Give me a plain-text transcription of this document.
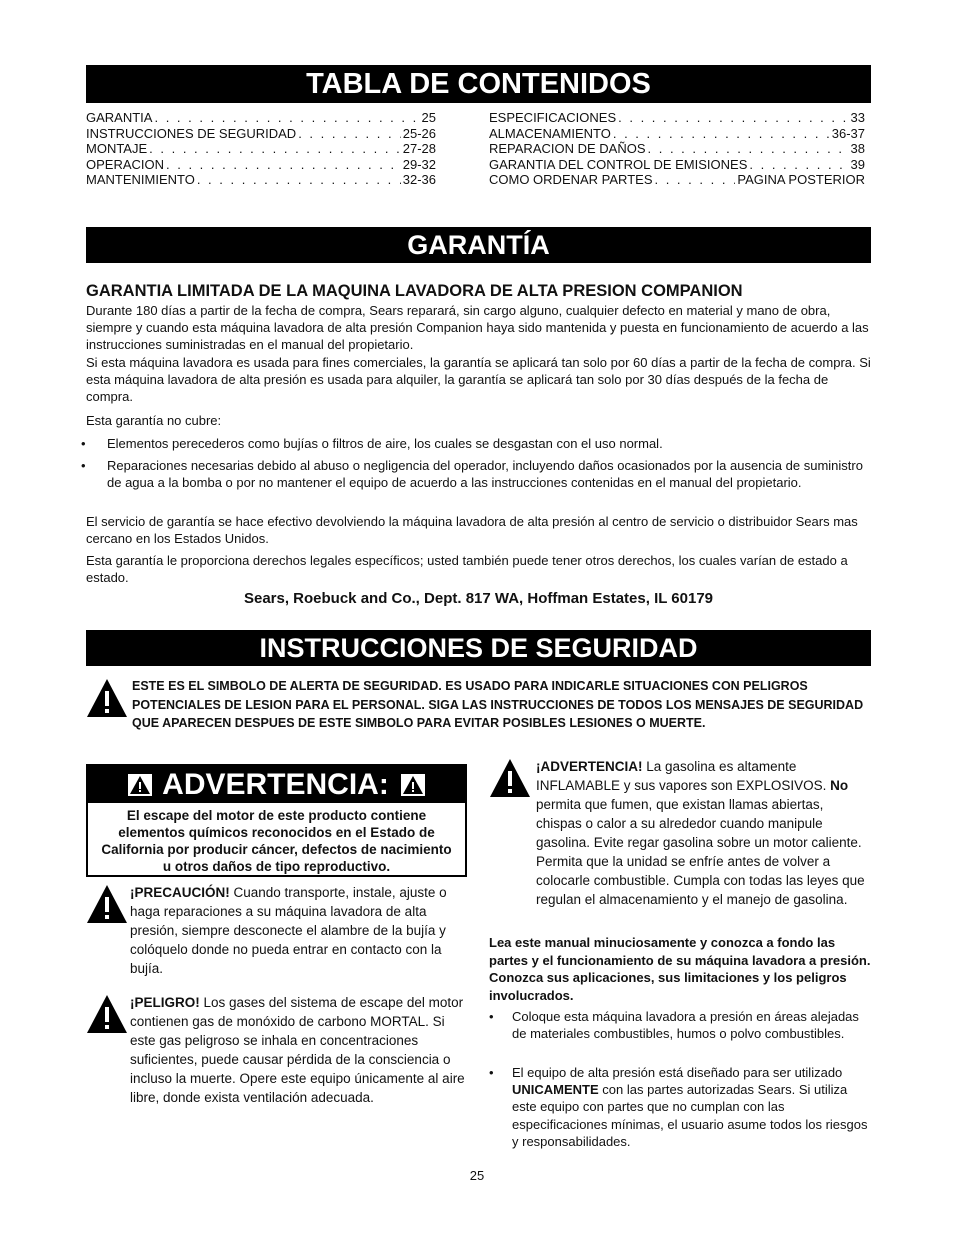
TABLA DE CONTENIDOS
GARANTIA . . .	25
INSTRUCCIONES DE SEGURIDAD . . .	25-26
MONTAJE . . .	27-28
OPERACION . . .	29-32
MANTENIMIENTO . . .	32-36
ESPECIFICACIONES . . .	33
ALMACENAMIENTO . . .	36-37
REPARACION DE DAÑOS . . .	38
GARANTIA DEL CONTROL DE EMISIONES . . .	39
COMO ORDENAR PARTES . . .	PAGINA POSTERIOR
GARANTÍA
GARANTIA LIMITADA DE LA MAQUINA LAVADORA DE ALTA PRESION COMPANION
Durante 180 días a partir de la fecha de compra, Sears reparará, sin cargo alguno, cualquier defecto en material y mano de obra, siempre y cuando esta máquina lavadora de alta presión Companion haya sido mantenida y puesta en funcionamiento de acuerdo a las instrucciones suministradas en el manual del propietario.
Si esta máquina lavadora es usada para fines comerciales, la garantía se aplicará tan solo por 60 días a partir de la fecha de compra. Si esta máquina lavadora de alta presión es usada para alquiler, la garantía se aplicará tan solo por 30 días después de la fecha de compra.
Esta garantía no cubre:
• Elementos perecederos como bujías o filtros de aire, los cuales se desgastan con el uso normal.
• Reparaciones necesarias debido al abuso o negligencia del operador, incluyendo daños ocasionados por la ausencia de suministro de agua a la bomba o por no mantener el equipo de acuerdo a las instrucciones contenidas en el manual del propietario.
El servicio de garantía se hace efectivo devolviendo la máquina lavadora de alta presión al centro de servicio o distribuidor Sears mas cercano en los Estados Unidos.
Esta garantía le proporciona derechos legales específicos; usted también puede tener otros derechos, los cuales varían de estado a estado.
Sears, Roebuck and Co., Dept. 817 WA, Hoffman Estates, IL 60179
INSTRUCCIONES DE SEGURIDAD
ESTE ES EL SIMBOLO DE ALERTA DE SEGURIDAD. ES USADO PARA INDICARLE SITUACIONES CON PELIGROS POTENCIALES DE LESION PARA EL PERSONAL. SIGA LAS INSTRUCCIONES DE TODOS LOS MENSAJES DE SEGURIDAD QUE APARECEN DESPUES DE ESTE SIMBOLO PARA EVITAR POSIBLES LESIONES O MUERTE.
ADVERTENCIA:
El escape del motor de este producto contiene elementos químicos reconocidos en el Estado de California por producir cáncer, defectos de nacimiento u otros daños de tipo reproductivo.
¡PRECAUCIÓN! Cuando transporte, instale, ajuste o haga reparaciones a su máquina lavadora de alta presión, siempre desconecte el alambre de la bujía y colóquelo donde no pueda entrar en contacto con la bujía.
¡PELIGRO! Los gases del sistema de escape del motor contienen gas de monóxido de carbono MORTAL. Si este gas peligroso se inhala en concentraciones suficientes, puede causar pérdida de la consciencia o incluso la muerte. Opere este equipo únicamente al aire libre, donde exista ventilación adecuada.
¡ADVERTENCIA! La gasolina es altamente INFLAMABLE y sus vapores son EXPLOSIVOS. No permita que fumen, que existan llamas abiertas, chispas o calor a su alrededor cuando manipule gasolina. Evite regar gasolina sobre un motor caliente. Permita que la unidad se enfríe antes de volver a colocarle combustible. Cumpla con todas las leyes que regulan el almacenamiento y el manejo de gasolina.
Lea este manual minuciosamente y conozca a fondo las partes y el funcionamiento de su máquina lavadora a presión. Conozca sus aplicaciones, sus limitaciones y los peligros involucrados.
• Coloque esta máquina lavadora a presión en áreas alejadas de materiales combustibles, humos o polvo combustibles.
• El equipo de alta presión está diseñado para ser utilizado UNICAMENTE con las partes autorizadas Sears. Si utiliza este equipo con partes que no cumplan con las especificaciones mínimas, el usuario asume todos los riesgos y responsabilidades.
25
